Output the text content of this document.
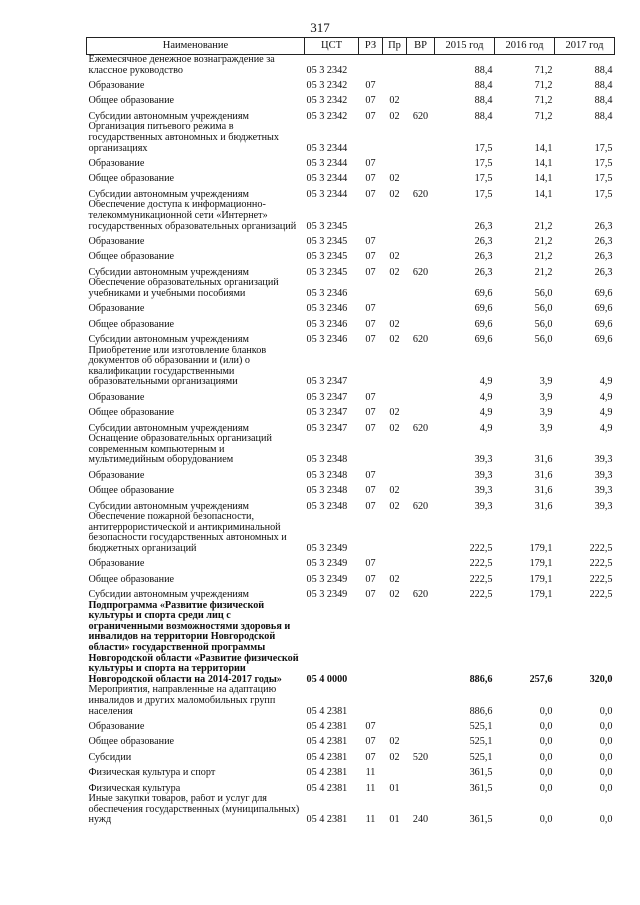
317
Наименование	ЦСТ	РЗ	Пр	ВР	2015 год	2016 год	2017 год
Ежемесячное денежное вознаграждение за классное руководство	05 3 2342				88,4	71,2	88,4
Образование	05 3 2342	07			88,4	71,2	88,4
Общее образование	05 3 2342	07	02		88,4	71,2	88,4
Субсидии автономным учреждениям	05 3 2342	07	02	620	88,4	71,2	88,4
Организация питьевого режима в государственных автономных и бюджетных организациях	05 3 2344				17,5	14,1	17,5
Образование	05 3 2344	07			17,5	14,1	17,5
Общее образование	05 3 2344	07	02		17,5	14,1	17,5
Субсидии автономным учреждениям	05 3 2344	07	02	620	17,5	14,1	17,5
Обеспечение доступа к информационно-телекоммуникационной сети «Интернет» государственных образовательных организаций	05 3 2345				26,3	21,2	26,3
Образование	05 3 2345	07			26,3	21,2	26,3
Общее образование	05 3 2345	07	02		26,3	21,2	26,3
Субсидии автономным учреждениям	05 3 2345	07	02	620	26,3	21,2	26,3
Обеспечение образовательных организаций учебниками и учебными пособиями	05 3 2346				69,6	56,0	69,6
Образование	05 3 2346	07			69,6	56,0	69,6
Общее образование	05 3 2346	07	02		69,6	56,0	69,6
Субсидии автономным учреждениям	05 3 2346	07	02	620	69,6	56,0	69,6
Приобретение или изготовление бланков документов об образовании и (или) о квалификации государственными образовательными организациями	05 3 2347				4,9	3,9	4,9
Образование	05 3 2347	07			4,9	3,9	4,9
Общее образование	05 3 2347	07	02		4,9	3,9	4,9
Субсидии автономным учреждениям	05 3 2347	07	02	620	4,9	3,9	4,9
Оснащение образовательных организаций современным компьютерным и мультимедийным оборудованием	05 3 2348				39,3	31,6	39,3
Образование	05 3 2348	07			39,3	31,6	39,3
Общее образование	05 3 2348	07	02		39,3	31,6	39,3
Субсидии автономным учреждениям	05 3 2348	07	02	620	39,3	31,6	39,3
Обеспечение пожарной безопасности, антитеррористической и антикриминальной безопасности государственных автономных и бюджетных организаций	05 3 2349				222,5	179,1	222,5
Образование	05 3 2349	07			222,5	179,1	222,5
Общее образование	05 3 2349	07	02		222,5	179,1	222,5
Субсидии автономным учреждениям	05 3 2349	07	02	620	222,5	179,1	222,5
Подпрограмма «Развитие физической культуры и спорта среди лиц с ограниченными возможностями здоровья и инвалидов на территории Новгородской области» государственной программы Новгородской области «Развитие физической культуры и спорта на территории Новгородской области на 2014-2017 годы»	05 4 0000				886,6	257,6	320,0
Мероприятия, направленные на адаптацию инвалидов и других маломобильных групп населения	05 4 2381				886,6	0,0	0,0
Образование	05 4 2381	07			525,1	0,0	0,0
Общее образование	05 4 2381	07	02		525,1	0,0	0,0
Субсидии	05 4 2381	07	02	520	525,1	0,0	0,0
Физическая культура и спорт	05 4 2381	11			361,5	0,0	0,0
Физическая культура	05 4 2381	11	01		361,5	0,0	0,0
Иные закупки товаров, работ и услуг для обеспечения государственных (муниципальных) нужд	05 4 2381	11	01	240	361,5	0,0	0,0
